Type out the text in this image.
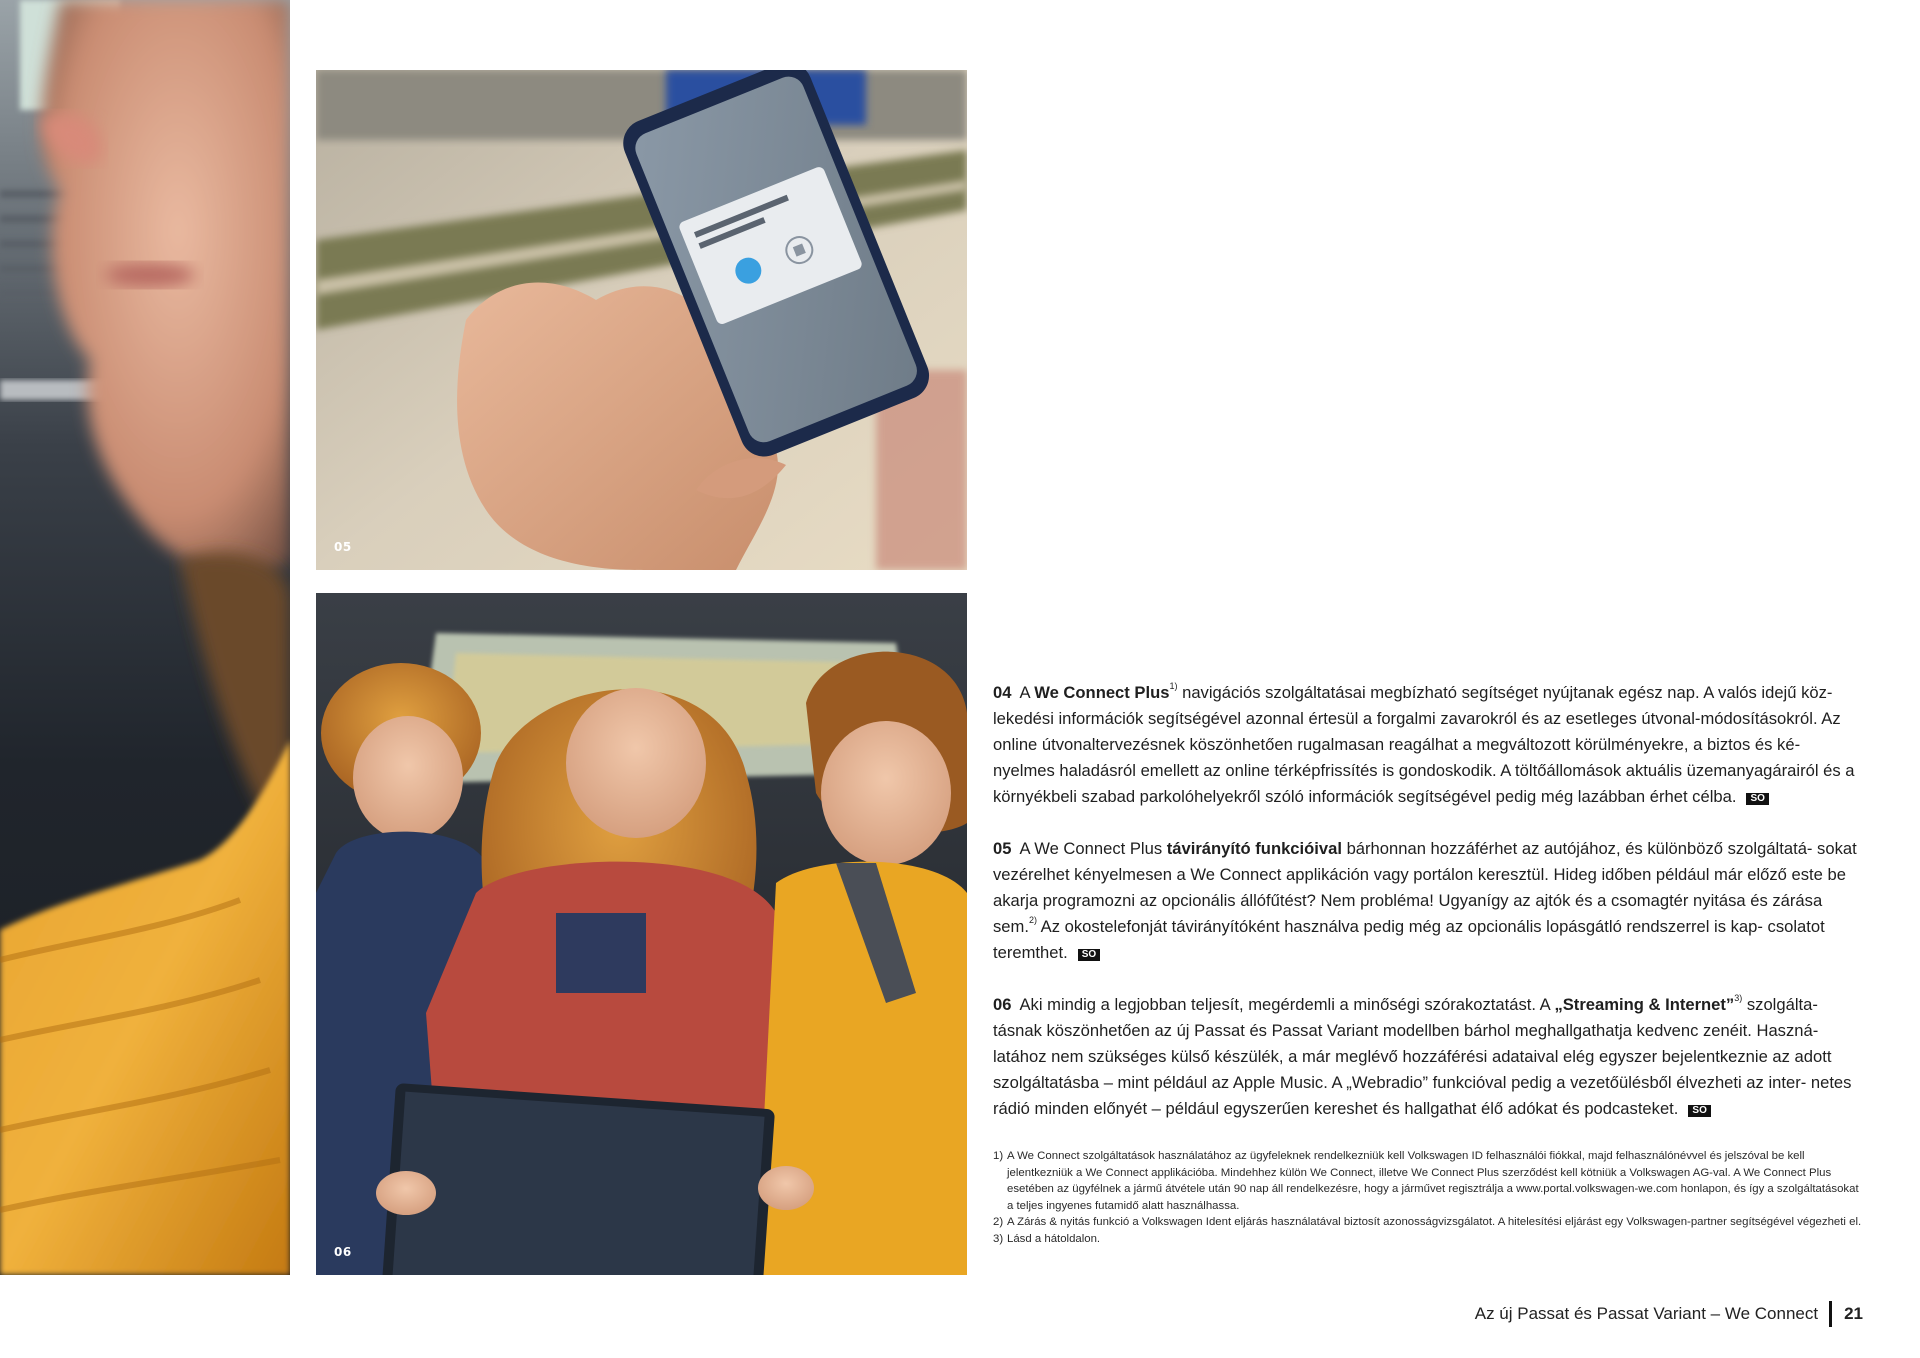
05
06

04 A We Connect Plus$^{1)}$ navigációs szolgáltatásai megbízható segítséget nyújtanak egész nap. A valós idejű köz- lekedési információk segítségével azonnal értesül a forgalmi zavarokról és az esetleges útvonal-módosításokról. Az online útvonaltervezésnek köszönhetően rugalmasan reagálhat a megváltozott körülményekre, a biztos és ké- nyelmes haladásról emellett az online térképfrissítés is gondoskodik. A töltőállomások aktuális üzemanyagárairól és a környékbeli szabad parkolóhelyekről szóló információk segítségével pedig még lazábban érhet célba. SO

05 A We Connect Plus távirányító funkcióival bárhonnan hozzáférhet az autójához, és különböző szolgáltatá- sokat vezérelhet kényelmesen a We Connect applikáción vagy portálon keresztül. Hideg időben például már előző este be akarja programozni az opcionális állófűtést? Nem probléma! Ugyanígy az ajtók és a csomagtér nyitása és zárása sem.$^{2)}$ Az okostelefonját távirányítóként használva pedig még az opcionális lopásgátló rendszerrel is kap- csolatot teremthet. SO

06 Aki mindig a legjobban teljesít, megérdemli a minőségi szórakoztatást. A „Streaming & Internet”$^{3)}$ szolgálta- tásnak köszönhetően az új Passat és Passat Variant modellben bárhol meghallgathatja kedvenc zenéit. Haszná- latához nem szükséges külső készülék, a már meglévő hozzáférési adataival elég egyszer bejelentkeznie az adott szolgáltatásba – mint például az Apple Music. A „Webradio” funkcióval pedig a vezetőülésből élvezheti az inter- netes rádió minden előnyét – például egyszerűen kereshet és hallgathat élő adókat és podcasteket. SO

1) A We Connect szolgáltatások használatához az ügyfeleknek rendelkezniük kell Volkswagen ID felhasználói fiókkal, majd felhasználónévvel és jelszóval be kell jelentkezniük a We Connect applikációba. Mindehhez külön We Connect, illetve We Connect Plus szerződést kell kötniük a Volkswagen AG-val. A We Connect Plus esetében az ügyfélnek a jármű átvétele után 90 nap áll rendelkezésre, hogy a járművet regisztrálja a www.portal.volkswagen-we.com honlapon, és így a szolgáltatásokat a teljes ingyenes futamidő alatt használhassa.
2) A Zárás & nyitás funkció a Volkswagen Ident eljárás használatával biztosít azonosságvizsgálatot. A hitelesítési eljárást egy Volkswagen-partner segítségével végezheti el.
3) Lásd a hátoldalon.
Az új Passat és Passat Variant – We Connect 21
